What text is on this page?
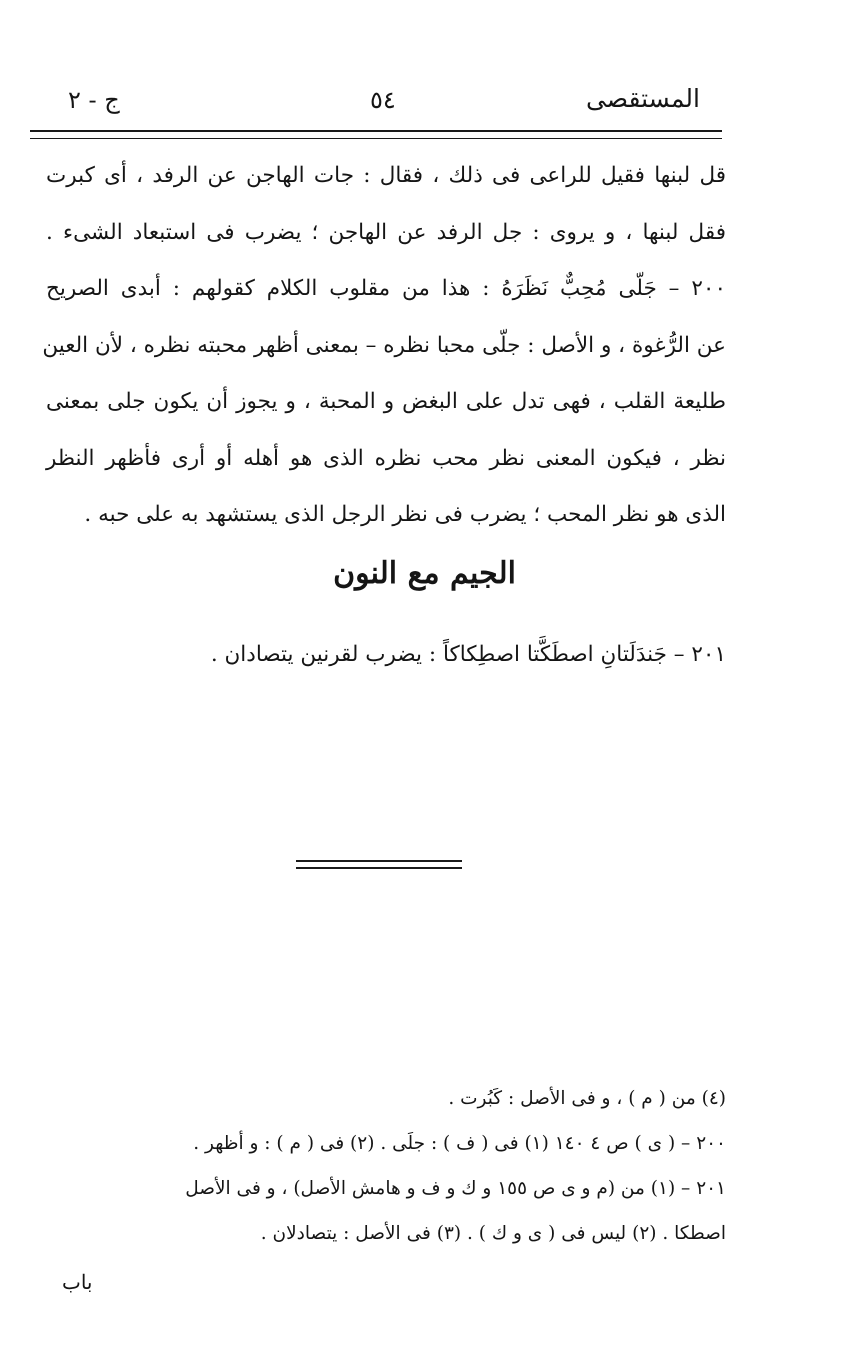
ج - ٢	٥٤	المستقصى

قل لبنها فقيل للراعى فى ذلك ، فقال : جات الهاجن عن الرفد ، أى كبرت

فقل لبنها ، و يروى : جل الرفد عن الهاجن ؛ يضرب فى استبعاد الشىء .

٢٠٠ – جَلّى مُحِبٌّ نَظَرَهُ : هذا من مقلوب الكلام كقولهم : أبدى الصريح

عن الرُّغوة ، و الأصل : جلّى محبا نظره – بمعنى أظهر محبته نظره ، لأن العين

طليعة القلب ، فهى تدل على البغض و المحبة ، و يجوز أن يكون جلى بمعنى

نظر ، فيكون المعنى نظر محب نظره الذى هو أهله أو أرى فأظهر النظر

الذى هو نظر المحب ؛ يضرب فى نظر الرجل الذى يستشهد به على حبه .

الجيم مع النون
٢٠١ – جَندَلَتانِ اصطَكَّتا اصطِكاكاً : يضرب لقرنين يتصادان .

(٤) من ( م ) ، و فى الأصل : كَبُرت .

٢٠٠ – ( ى ) ص ٤ ١٤٠ (١) فى ( ف ) : جلَى . (٢) فى ( م ) : و أظهر .

٢٠١ – (١) من (م و ى ص ١٥٥ و ك و ف و هامش الأصل) ، و فى الأصل

اصطكا . (٢) ليس فى ( ى و ك ) . (٣) فى الأصل : يتصادلان .

باب
